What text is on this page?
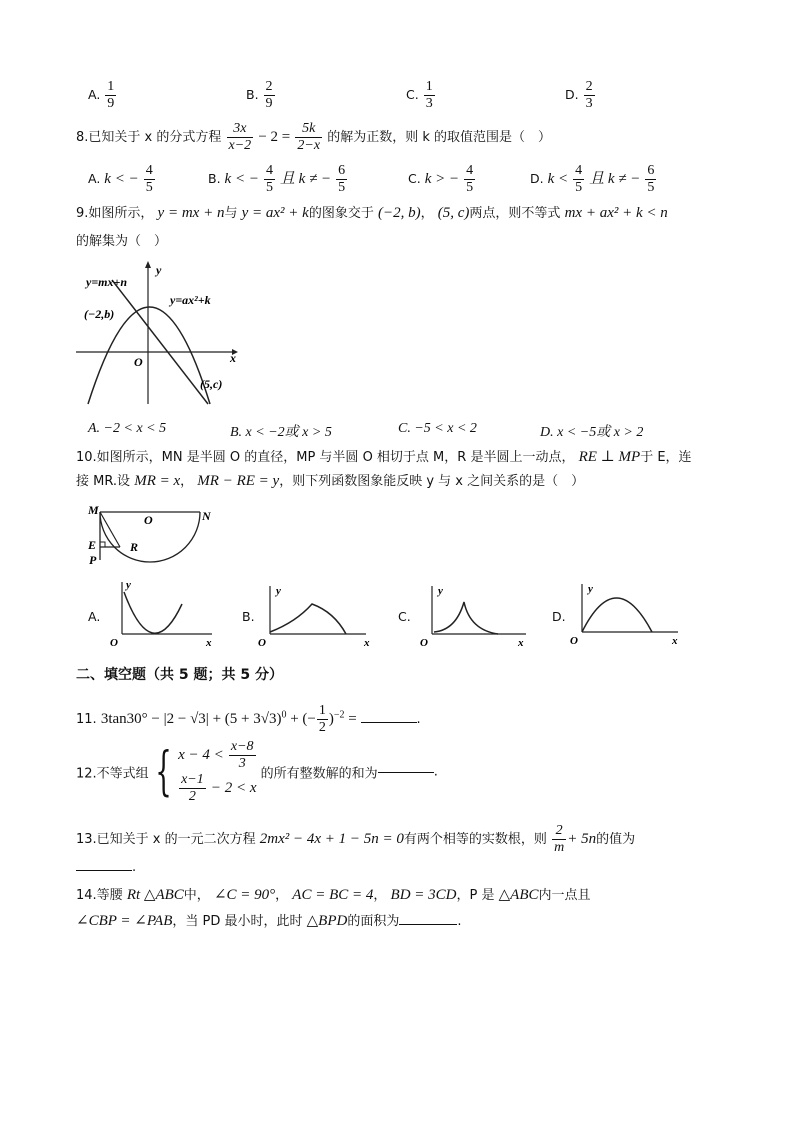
A. $\frac{1}{9}$	B. $\frac{2}{9}$	C. $\frac{1}{3}$	D. $\frac{2}{3}$
8.已知关于 x 的分式方程 $\frac{3x}{x-2} - 2 = \frac{5k}{2-x}$ 的解为正数，则 k 的取值范围是（　）
A. k < − $\frac{4}{5}$	B. k < − $\frac{4}{5}$ 且 k ≠ − $\frac{6}{5}$	C. k > − $\frac{4}{5}$	D. $k < \frac{4}{5}$ 且 k ≠ − $\frac{6}{5}$
9.如图所示， y = mx + n与 y = ax² + k的图象交于 (−2, b)， (5, c)两点，则不等式 mx + ax² + k < n
的解集为（　）
y=mx+n
y=ax²+k
(−2,b)
(5,c)
O	x
y
A. −2 < x < 5	B. x < −2或 x > 5	C. −5 < x < 2	D. x < −5或 x > 2
10.如图所示，MN 是半圆 O 的直径，MP 与半圆 O 相切于点 M，R 是半圆上一动点， RE ⊥ MP于 E，连
接 MR.设 MR = x， MR − RE = y，则下列函数图象能反映 y 与 x 之间关系的是（　）
M
O	N
E
P
R
A.
y
O	x
B.
y
O	x
C.
y
O	x
D.
y
O	x
二、填空题（共 5 题；共 5 分）
11. $3\tan 30^\circ - |2 - √3| + (5 + 3√3)^0$ + (− $\frac{1}{2} )^{-2}$ =	.
12.不等式组 { $x - 4 < \frac{x-8}{3}$
$\frac{x-1}{2} - 2 < x$
的所有整数解的和为	.
13.已知关于 x 的一元二次方程 2mx² − 4x + 1 − 5n = 0有两个相等的实数根，则 $\frac{2}{m} + 5n$的值为
.
14.等腰 Rt △ABC中， ∠C = 90°， AC = BC = 4， BD = 3CD，P 是 △ABC内一点且
∠CBP = ∠PAB，当 PD 最小时，此时 △BPD的面积为	.
